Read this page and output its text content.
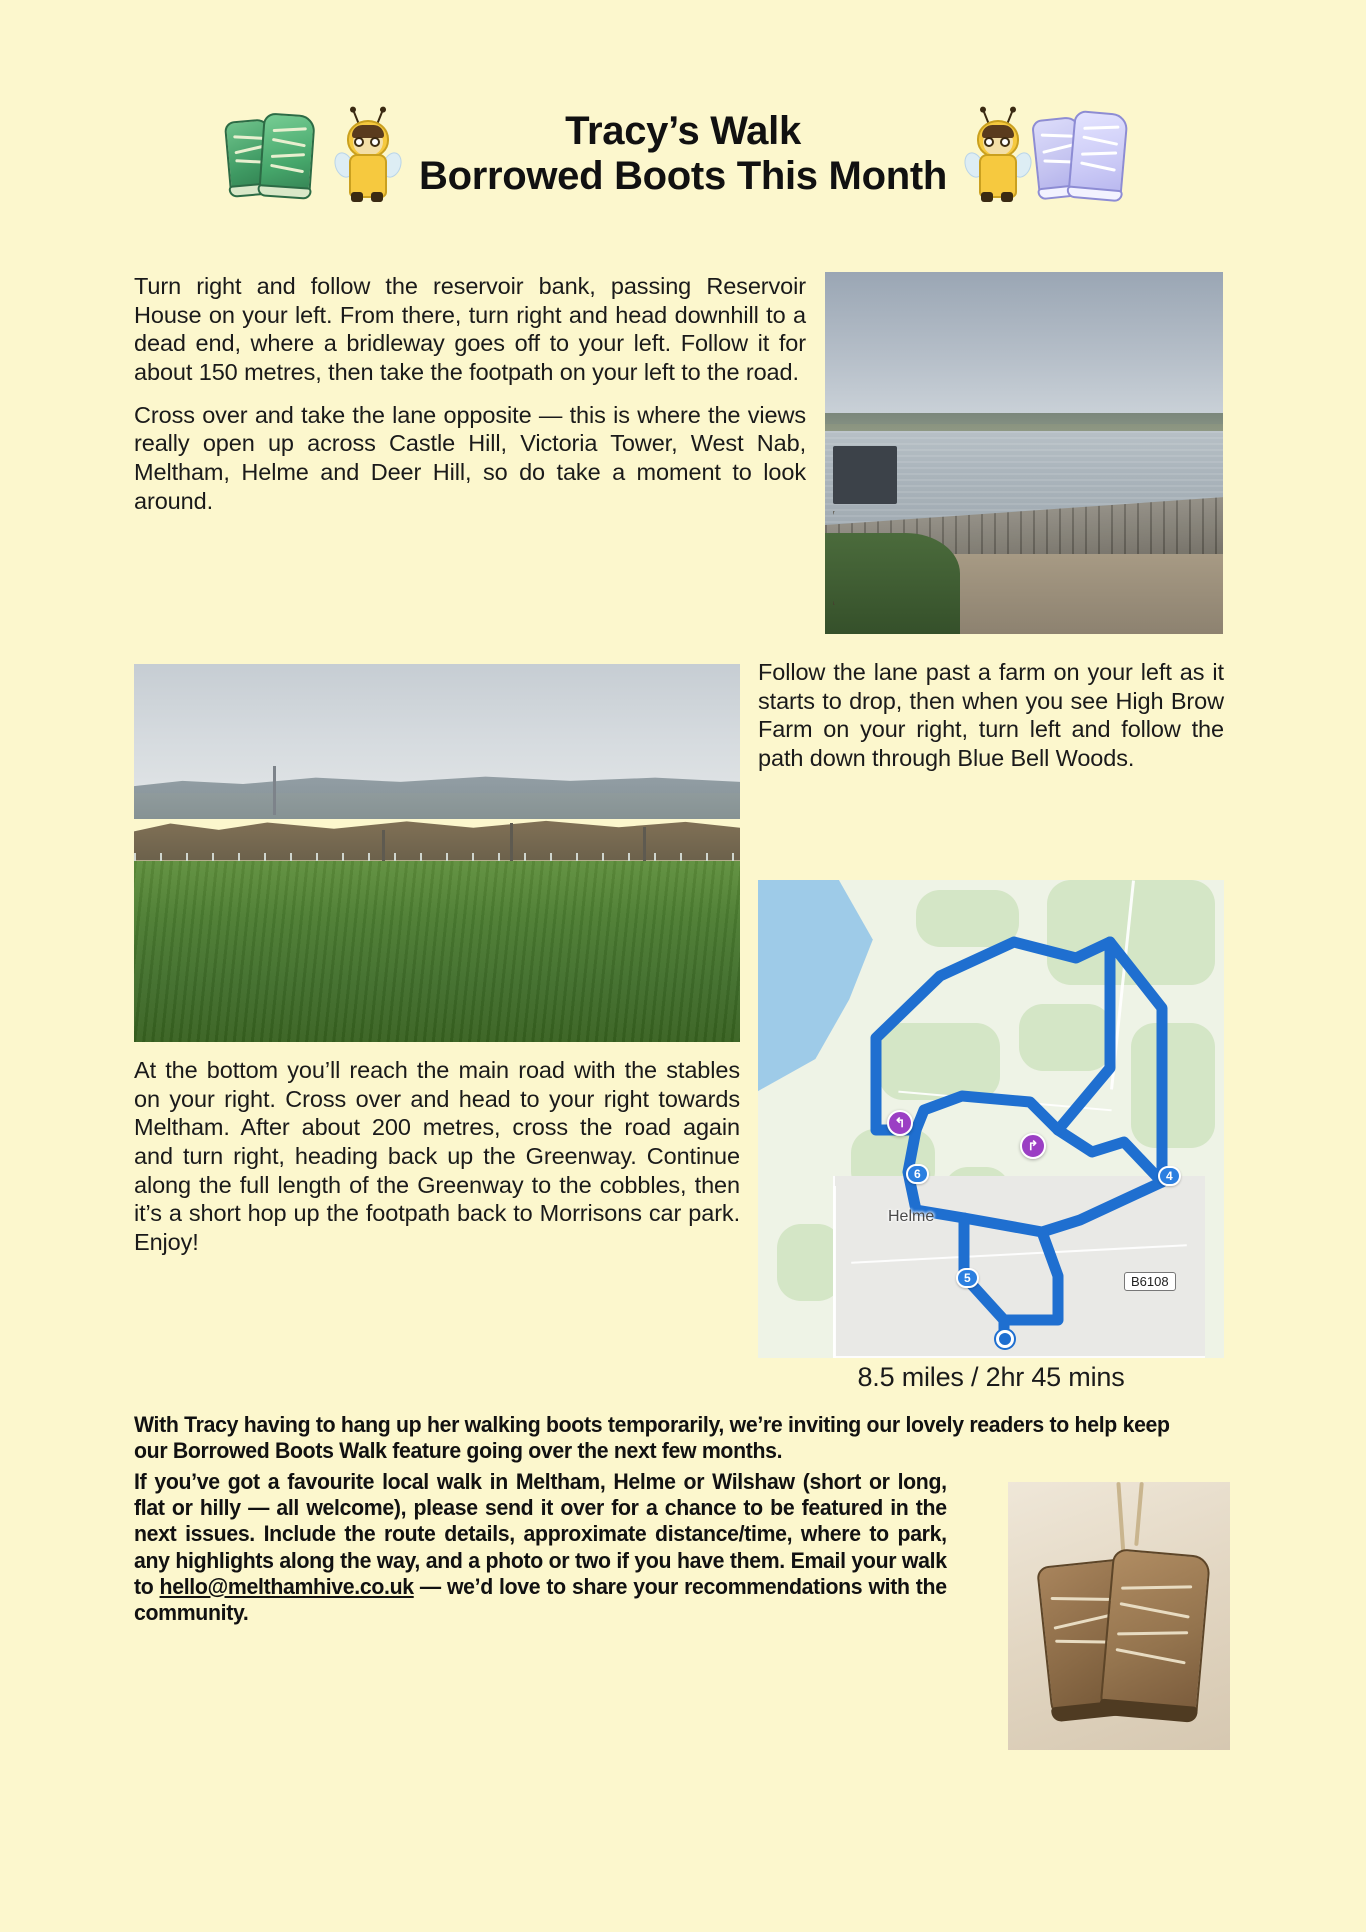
Tracy’s Walk
Borrowed Boots This Month

Turn right and follow the reservoir bank, passing Reservoir House on your left. From there, turn right and head downhill to a dead end, where a bridleway goes off to your left. Follow it for about 150 metres, then take the footpath on your left to the road.

Cross over and take the lane opposite — this is where the views really open up across Castle Hill, Victoria Tower, West Nab, Meltham, Helme and Deer Hill, so do take a moment to look around.

Follow the lane past a farm on your left as it starts to drop, then when you see High Brow Farm on your right, turn left and follow the path down through Blue Bell Woods.

↰
↱
6
5
4
Helme
B6108
8.5 miles / 2hr 45 mins

At the bottom you’ll reach the main road with the stables on your right. Cross over and head to your right towards Meltham. After about 200 metres, cross the road again and turn right, heading back up the Greenway. Continue along the full length of the Greenway to the cobbles, then it’s a short hop up the footpath back to Morrisons car park. Enjoy!

With Tracy having to hang up her walking boots temporarily, we’re inviting our lovely readers to help keep our Borrowed Boots Walk feature going over the next few months.

If you’ve got a favourite local walk in Meltham, Helme or Wilshaw (short or long, flat or hilly — all welcome), please send it over for a chance to be featured in the next issues. Include the route details, approximate distance/time, where to park, any highlights along the way, and a photo or two if you have them. Email your walk to hello@melthamhive.co.uk — we’d love to share your recommendations with the community.
